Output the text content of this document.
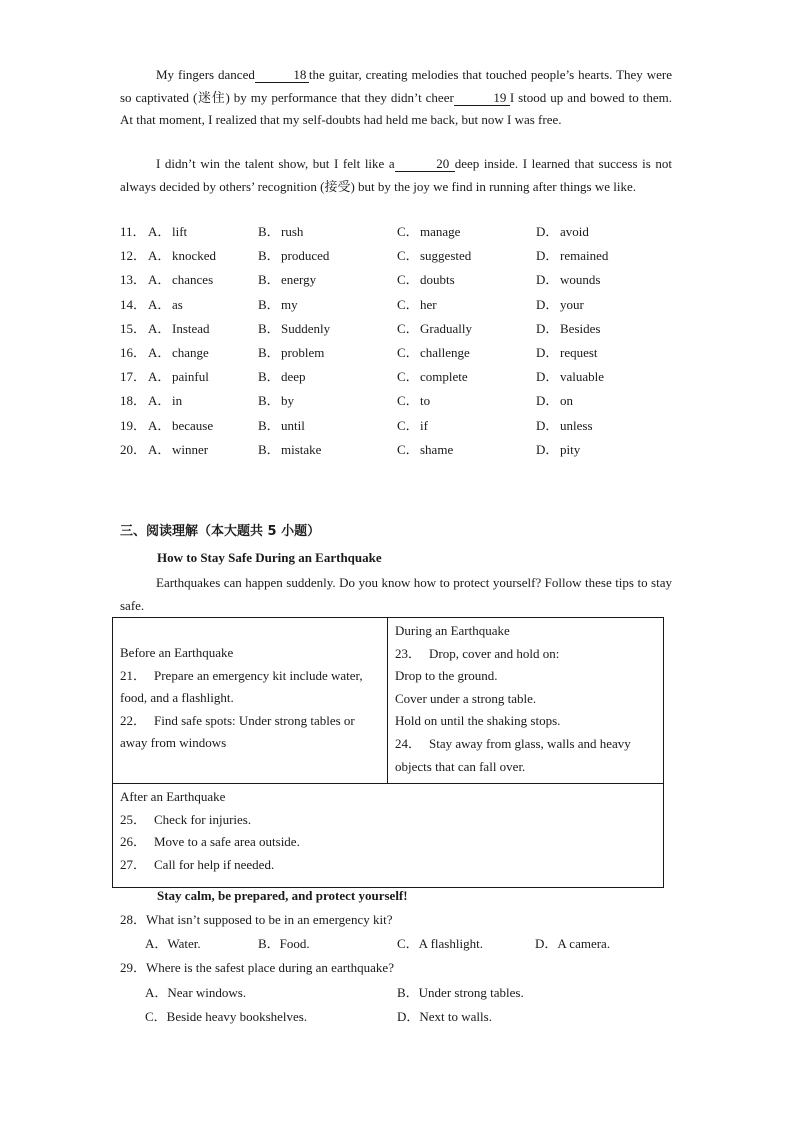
My fingers danced	18 the guitar, creating melodies that touched people’s hearts. They were so captivated (迷住) by my performance that they didn’t cheer	19 I stood up and bowed to them. At that moment, I realized that my self-doubts had held me back, but now I was free.
I didn’t win the talent show, but I felt like a	20 deep inside. I learned that success is not always decided by others’ recognition (接受) but by the joy we find in running after things we like.
11． A． lift	B． rush	C． manage	D． avoid
12． A． knocked	B． produced	C． suggested	D． remained
13． A． chances	B． energy	C． doubts	D． wounds
14． A． as	B． my	C． her	D． your
15． A． Instead	B． Suddenly	C． Gradually	D． Besides
16． A． change	B． problem	C． challenge	D． request
17． A． painful	B． deep	C． complete	D． valuable
18． A． in	B． by	C． to	D． on
19． A． because	B． until	C． if	D． unless
20． A． winner	B． mistake	C． shame	D． pity
三、阅读理解（本大题共 5 小题）
How to Stay Safe During an Earthquake
Earthquakes can happen suddenly. Do you know how to protect yourself? Follow these tips to stay safe.
Before an Earthquake
21． Prepare an emergency kit include water, food, and a flashlight.
22． Find safe spots: Under strong tables or away from windows
During an Earthquake
23． Drop, cover and hold on:
Drop to the ground.
Cover under a strong table.
Hold on until the shaking stops.
24． Stay away from glass, walls and heavy objects that can fall over.
After an Earthquake
25． Check for injuries.
26． Move to a safe area outside.
27． Call for help if needed.
Stay calm, be prepared, and protect yourself!
28．What isn’t supposed to be in an emergency kit?
A．Water.	B．Food.	C．A flashlight.	D．A camera.
29．Where is the safest place during an earthquake?
A．Near windows.	B．Under strong tables.
C．Beside heavy bookshelves.	D．Next to walls.
